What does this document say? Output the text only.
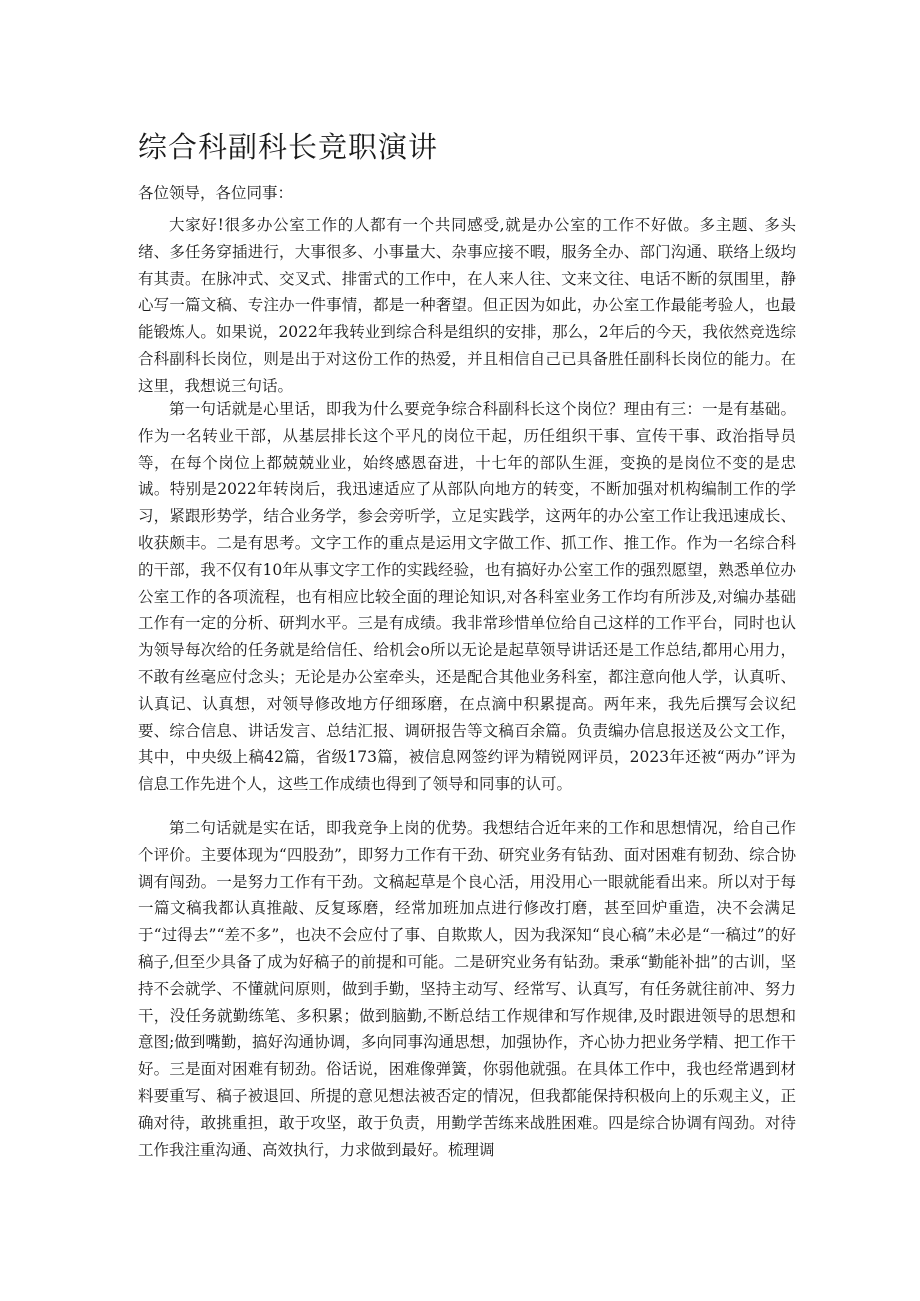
综合科副科长竞职演讲

各位领导，各位同事：

大家好!很多办公室工作的人都有一个共同感受,就是办公室的工作不好做。多主题、多头绪、多任务穿插进行，大事很多、小事量大、杂事应接不暇，服务全办、部门沟通、联络上级均有其责。在脉冲式、交叉式、排雷式的工作中，在人来人往、文来文往、电话不断的氛围里，静心写一篇文稿、专注办一件事情，都是一种奢望。但正因为如此，办公室工作最能考验人，也最能锻炼人。如果说，2022年我转业到综合科是组织的安排，那么，2年后的今天，我依然竞选综合科副科长岗位，则是出于对这份工作的热爱，并且相信自己已具备胜任副科长岗位的能力。在这里，我想说三句话。

第一句话就是心里话，即我为什么要竞争综合科副科长这个岗位？理由有三：一是有基础。作为一名转业干部，从基层排长这个平凡的岗位干起，历任组织干事、宣传干事、政治指导员等，在每个岗位上都兢兢业业，始终感恩奋进，十七年的部队生涯，变换的是岗位不变的是忠诚。特别是2022年转岗后，我迅速适应了从部队向地方的转变，不断加强对机构编制工作的学习，紧跟形势学，结合业务学，参会旁听学，立足实践学，这两年的办公室工作让我迅速成长、收获颇丰。二是有思考。文字工作的重点是运用文字做工作、抓工作、推工作。作为一名综合科的干部，我不仅有10年从事文字工作的实践经验，也有搞好办公室工作的强烈愿望，熟悉单位办公室工作的各项流程，也有相应比较全面的理论知识,对各科室业务工作均有所涉及,对编办基础工作有一定的分析、研判水平。三是有成绩。我非常珍惜单位给自己这样的工作平台，同时也认为领导每次给的任务就是给信任、给机会o所以无论是起草领导讲话还是工作总结,都用心用力，不敢有丝毫应付念头；无论是办公室牵头，还是配合其他业务科室，都注意向他人学，认真听、认真记、认真想，对领导修改地方仔细琢磨，在点滴中积累提高。两年来，我先后撰写会议纪要、综合信息、讲话发言、总结汇报、调研报告等文稿百余篇。负责编办信息报送及公文工作，其中，中央级上稿42篇，省级173篇，被信息网签约评为精锐网评员，2023年还被“两办”评为信息工作先进个人，这些工作成绩也得到了领导和同事的认可。

第二句话就是实在话，即我竞争上岗的优势。我想结合近年来的工作和思想情况，给自己作个评价。主要体现为“四股劲”，即努力工作有干劲、研究业务有钻劲、面对困难有韧劲、综合协调有闯劲。一是努力工作有干劲。文稿起草是个良心活，用没用心一眼就能看出来。所以对于每一篇文稿我都认真推敲、反复琢磨，经常加班加点进行修改打磨，甚至回炉重造，决不会满足于“过得去”“差不多”，也决不会应付了事、自欺欺人，因为我深知“良心稿”未必是“一稿过”的好稿子,但至少具备了成为好稿子的前提和可能。二是研究业务有钻劲。秉承“勤能补拙”的古训，坚持不会就学、不懂就问原则，做到手勤，坚持主动写、经常写、认真写，有任务就往前冲、努力干，没任务就勤练笔、多积累；做到脑勤,不断总结工作规律和写作规律,及时跟进领导的思想和意图;做到嘴勤，搞好沟通协调，多向同事沟通思想，加强协作，齐心协力把业务学精、把工作干好。三是面对困难有韧劲。俗话说，困难像弹簧，你弱他就强。在具体工作中，我也经常遇到材料要重写、稿子被退回、所提的意见想法被否定的情况，但我都能保持积极向上的乐观主义，正确对待，敢挑重担，敢于攻坚，敢于负责，用勤学苦练来战胜困难。四是综合协调有闯劲。对待工作我注重沟通、高效执行，力求做到最好。梳理调
